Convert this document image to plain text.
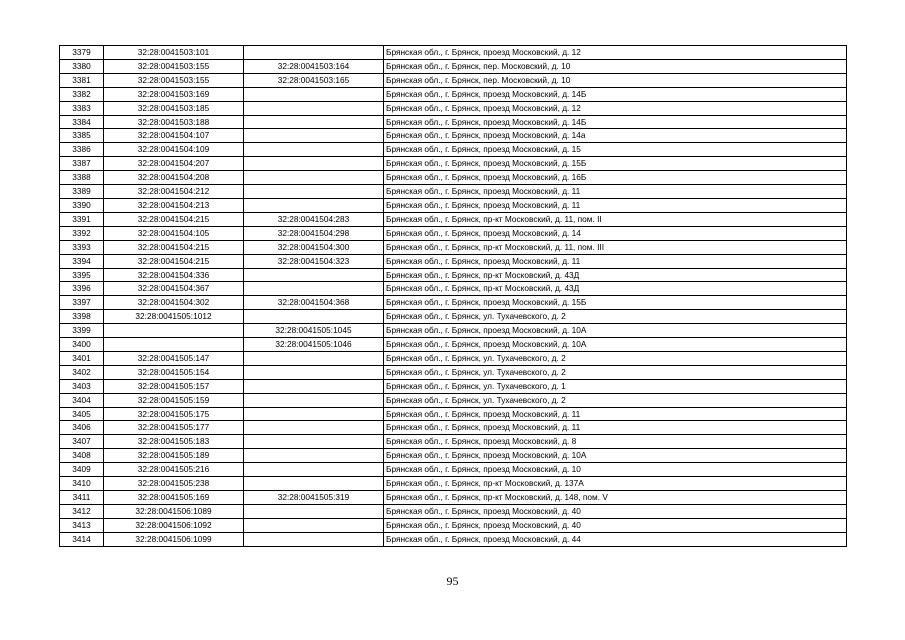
3379	32:28:0041503:101		Брянская обл., г. Брянск, проезд Московский, д. 12
3380	32:28:0041503:155	32:28:0041503:164	Брянская обл., г. Брянск, пер. Московский, д. 10
3381	32:28:0041503:155	32:28:0041503:165	Брянская обл., г. Брянск, пер. Московский, д. 10
3382	32:28:0041503:169		Брянская обл., г. Брянск, проезд Московский, д. 14Б
3383	32:28:0041503:185		Брянская обл., г. Брянск, проезд Московский, д. 12
3384	32:28:0041503:188		Брянская обл., г. Брянск, проезд Московский, д. 14Б
3385	32:28:0041504:107		Брянская обл., г. Брянск, проезд Московский, д. 14а
3386	32:28:0041504:109		Брянская обл., г. Брянск, проезд Московский, д. 15
3387	32:28:0041504:207		Брянская обл., г. Брянск, проезд Московский, д. 15Б
3388	32:28:0041504:208		Брянская обл., г. Брянск, проезд Московский, д. 16Б
3389	32:28:0041504:212		Брянская обл., г. Брянск, проезд Московский, д. 11
3390	32:28:0041504:213		Брянская обл., г. Брянск, проезд Московский, д. 11
3391	32:28:0041504:215	32:28:0041504:283	Брянская обл., г. Брянск, пр-кт Московский, д. 11, пом. II
3392	32:28:0041504:105	32:28:0041504:298	Брянская обл., г. Брянск, проезд Московский, д. 14
3393	32:28:0041504:215	32:28:0041504:300	Брянская обл., г. Брянск, пр-кт Московский, д. 11, пом. III
3394	32:28:0041504:215	32:28:0041504:323	Брянская обл., г. Брянск, проезд Московский, д. 11
3395	32:28:0041504:336		Брянская обл., г. Брянск, пр-кт Московский, д. 43Д
3396	32:28:0041504:367		Брянская обл., г. Брянск, пр-кт Московский, д. 43Д
3397	32:28:0041504:302	32:28:0041504:368	Брянская обл., г. Брянск, проезд Московский, д. 15Б
3398	32:28:0041505:1012		Брянская обл., г. Брянск, ул. Тухачевского, д. 2
3399		32:28:0041505:1045	Брянская обл., г. Брянск, проезд Московский, д. 10А
3400		32:28:0041505:1046	Брянская обл., г. Брянск, проезд Московский, д. 10А
3401	32:28:0041505:147		Брянская обл., г. Брянск, ул. Тухачевского, д. 2
3402	32:28:0041505:154		Брянская обл., г. Брянск, ул. Тухачевского, д. 2
3403	32:28:0041505:157		Брянская обл., г. Брянск, ул. Тухачевского, д. 1
3404	32:28:0041505:159		Брянская обл., г. Брянск, ул. Тухачевского, д. 2
3405	32:28:0041505:175		Брянская обл., г. Брянск, проезд Московский, д. 11
3406	32:28:0041505:177		Брянская обл., г. Брянск, проезд Московский, д. 11
3407	32:28:0041505:183		Брянская обл., г. Брянск, проезд Московский, д. 8
3408	32:28:0041505:189		Брянская обл., г. Брянск, проезд Московский, д. 10А
3409	32:28:0041505:216		Брянская обл., г. Брянск, проезд Московский, д. 10
3410	32:28:0041505:238		Брянская обл., г. Брянск, пр-кт Московский, д. 137А
3411	32:28:0041505:169	32:28:0041505:319	Брянская обл., г. Брянск, пр-кт Московский, д. 148, пом. V
3412	32:28:0041506:1089		Брянская обл., г. Брянск, проезд Московский, д. 40
3413	32:28:0041506:1092		Брянская обл., г. Брянск, проезд Московский, д. 40
3414	32:28:0041506:1099		Брянская обл., г. Брянск, проезд Московский, д. 44
95
